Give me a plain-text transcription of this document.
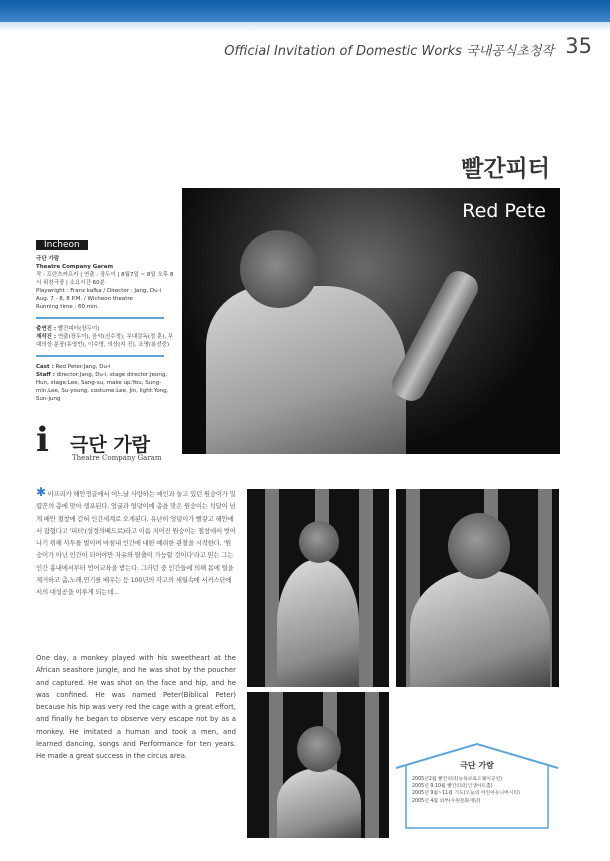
Official Invitation of Domestic Works 국내공식초청작 35
빨간피터
Red Pete
Incheon
극단 가람
Theatre Company Garam
작 : 프란츠카프카 | 연출 : 장두이 | 8월7일 ~ 8일 오후 8시 위천극장 | 소요시간 60분
Playwright : Franz kafka / Director : Jang, Du-i
Aug. 7 - 8, 8 P.M. / Wicheon theatre
Running time : 60 min.
출연진 : 빨간피터(장두이)
제작진 : 연출(장두이), 음악(신수정), 무대감독(정 훈), 무대의상·분장(유영빈), 이수영, 의상(지 진), 조명(용선중)
Cast : Red Peter:Jang, Du-i
Staff : director:Jang, Du-i, stage director:Jeong, Hun, stage:Lee, Sang-su, make up:You, Sung-min,Lee, Su-young, costume:Lee, Jin, light:Yong, Sun-jung
i 극단 가람
Theatre Company Garam
✱ 아프리카 해안정글에서 어느날 사랑하는 애인과 놀고 있던 원숭이가 밀렵꾼의 총에 맞아 생포된다. 얼굴과 엉덩이에 총을 맞은 원숭이는 석달이 넘게 배안 철창에 갇혀 인간세계로 오게된다. 유난히 엉덩이가 빨갛고 해안에서 잡혔다고 '피터'(성경의베드로)라고 이름 지어진 원숭이는 철창에서 벗어나기 위해 사투를 벌이며 마침내 인간에 대한 예리한 관찰을 시작한다. '원숭이가 아닌 인간이 되어야만 자유와 탈출이 가능할 것이다'라고 믿는 그는 인간 흉내에서부터 언어교육을 받는다. 그러던 중 인간들에 의해 몸에 털을 제거하고 춤,노래,연기를 배우는 등 100년의 각고의 세월속에 서커스단에서의 대성공을 이루게 되는데...
One day, a monkey played with his sweetheart at the African seashore jungle, and he was shot by the poucher and captured. He was shot on the face and hip, and he was confined. He was named Peter(Biblical Peter) because his hip was very red the cage with a great effort, and finally he began to observe very escape not by as a monkey. He imitated a human and took a men, and learned dancing, songs and Performance for ten years. He made a great success in the circus area.
극단 가람
2005년2월 빨간피터(뉴욕브로드웨이공연)
2005년 9,10월 빨간피터(인생아트홀)
2005년 9월~11월 기도(오늘의 어린이유니버시티)
2005년 4월 외부(수원문화재단)
